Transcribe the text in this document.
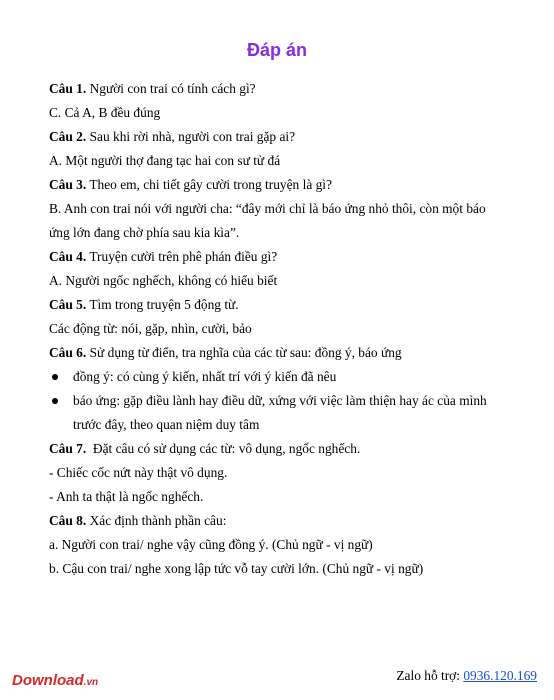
Đáp án
Câu 1. Người con trai có tính cách gì?
C. Cả A, B đều đúng
Câu 2. Sau khi rời nhà, người con trai gặp ai?
A. Một người thợ đang tạc hai con sư tử đá
Câu 3. Theo em, chi tiết gây cười trong truyện là gì?
B. Anh con trai nói với người cha: “đây mới chỉ là báo ứng nhỏ thôi, còn một báo
ứng lớn đang chờ phía sau kia kìa”.
Câu 4. Truyện cười trên phê phán điều gì?
A. Người ngốc nghếch, không có hiểu biết
Câu 5. Tìm trong truyện 5 động từ.
Các động từ: nói, gặp, nhìn, cười, bảo
Câu 6. Sử dụng từ điển, tra nghĩa của các từ sau: đồng ý, báo ứng
đồng ý: có cùng ý kiến, nhất trí với ý kiến đã nêu
báo ứng: gặp điều lành hay điều dữ, xứng với việc làm thiện hay ác của mình
trước đây, theo quan niệm duy tâm
Câu 7. Đặt câu có sử dụng các từ: vô dụng, ngốc nghếch.
- Chiếc cốc nứt này thật vô dụng.
- Anh ta thật là ngốc nghếch.
Câu 8. Xác định thành phần câu:
a. Người con trai/ nghe vậy cũng đồng ý. (Chủ ngữ - vị ngữ)
b. Cậu con trai/ nghe xong lập tức vỗ tay cười lớn. (Chủ ngữ - vị ngữ)
Download.vn	Zalo hỗ trợ: 0936.120.169
